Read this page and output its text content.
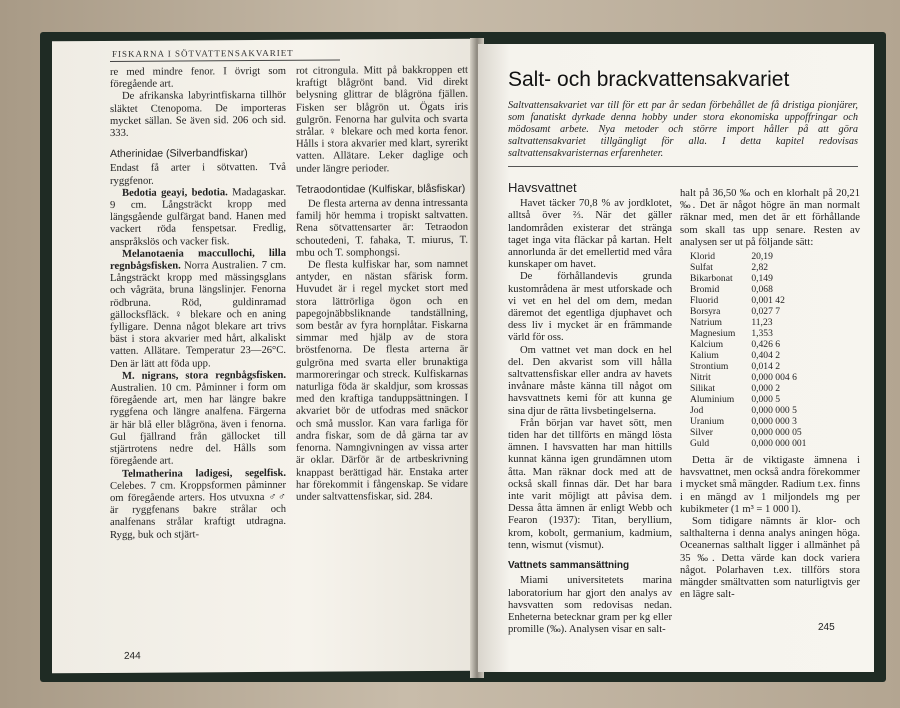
FISKARNA I SÖTVATTENSAKVARIET

re med mindre fenor. I övrigt som föregående art.

De afrikanska labyrintfiskarna tillhör släktet Ctenopoma. De importeras mycket sällan. Se även sid. 206 och sid. 333.

Atherinidae (Silverbandfiskar)

Endast få arter i sötvatten. Två ryggfenor.

Bedotia geayi, bedotia. Madagaskar. 9 cm. Långsträckt kropp med längsgående gulfärgat band. Hanen med vackert röda fenspetsar. Fredlig, anspråkslös och vacker fisk.

Melanotaenia maccullochi, lilla regnbågsfisken. Norra Australien. 7 cm. Långsträckt kropp med mässingsglans och vågräta, bruna längslinjer. Fenorna rödbruna. Röd, guldinramad gällocksfläck. ♀ blekare och en aning fylligare. Denna något blekare art trivs bäst i stora akvarier med hårt, alkaliskt vatten. Allätare. Temperatur 23—26°C. Den är lätt att föda upp.

M. nigrans, stora regnbågsfisken. Australien. 10 cm. Påminner i form om föregående art, men har längre bakre ryggfena och längre analfena. Färgerna är här blå eller blågröna, även i fenorna. Gul fjällrand från gällocket till stjärtrotens nedre del. Hålls som föregående art.

Telmatherina ladigesi, segelfisk. Celebes. 7 cm. Kroppsformen påminner om föregående arters. Hos utvuxna ♂♂ är ryggfenans bakre strålar och analfenans strålar kraftigt utdragna. Rygg, buk och stjärt-

rot citrongula. Mitt på bakkroppen ett kraftigt blågrönt band. Vid direkt belysning glittrar de blågröna fjällen. Fisken ser blågrön ut. Ögats iris gulgrön. Fenorna har gulvita och svarta strålar. ♀ blekare och med korta fenor. Hålls i stora akvarier med klart, syrerikt vatten. Allätare. Leker daglige och under längre perioder.

Tetraodontidae (Kulfiskar, blåsfiskar)

De flesta arterna av denna intressanta familj hör hemma i tropiskt saltvatten. Rena sötvattensarter är: Tetraodon schoutedeni, T. fahaka, T. miurus, T. mbu och T. somphongsi.

De flesta kulfiskar har, som namnet antyder, en nästan sfärisk form. Huvudet är i regel mycket stort med stora lättrörliga ögon och en papegojnäbbsliknande tandställning, som består av fyra hornplåtar. Fiskarna simmar med hjälp av de stora bröstfenorna. De flesta arterna är gulgröna med svarta eller brunaktiga marmoreringar och streck. Kulfiskarnas naturliga föda är skaldjur, som krossas med den kraftiga tanduppsättningen. I akvariet bör de utfodras med snäckor och små musslor. Kan vara farliga för andra fiskar, som de då gärna tar av fenorna. Namngivningen av vissa arter är oklar. Därför är de artbeskrivning knappast berättigad här. Enstaka arter har förekommit i fångenskap. Se vidare under saltvattensfiskar, sid. 284.

244
Salt- och brackvattensakvariet
Saltvattensakvariet var till för ett par år sedan förbehållet de få dristiga pionjärer, som fanatiskt dyrkade denna hobby under stora ekonomiska uppoffringar och mödosamt arbete. Nya metoder och större import håller på att göra saltvattensakvariet tillgängligt för alla. I detta kapitel redovisas saltvattensakvaristernas erfarenheter.
Havsvattnet

Havet täcker 70,8 % av jordklotet, alltså över ⅔. När det gäller landområden existerar det stränga taget inga vita fläckar på kartan. Helt annorlunda är det emellertid med våra kunskaper om havet.

De förhållandevis grunda kustområdena är mest utforskade och vi vet en hel del om dem, medan däremot det egentliga djuphavet och dess liv i mycket är en främmande värld för oss.

Om vattnet vet man dock en hel del. Den akvarist som vill hålla saltvattensfiskar eller andra av havets invånare måste känna till något om havsvattnets kemi för att kunna ge sina djur de rätta livsbetingelserna.

Från början var havet sött, men tiden har det tillförts en mängd lösta ämnen. I havsvatten har man hittills kunnat känna igen grundämnen utom åtta. Man räknar dock med att de också skall finnas där. Det har bara inte varit möjligt att påvisa dem. Dessa åtta ämnen är enligt Webb och Fearon (1937): Titan, beryllium, krom, kobolt, germanium, kadmium, tenn, wismut (vismut).

Vattnets sammansättning

Miami universitetets marina laboratorium har gjort den analys av havsvatten som redovisas nedan. Enheterna betecknar gram per kg eller promille (‰). Analysen visar en salt-

halt på 36,50 ‰ och en klorhalt på 20,21 ‰. Det är något högre än man normalt räknar med, men det är ett förhållande som skall tas upp senare. Resten av analysen ser ut på följande sätt:

Klorid	20,19
Sulfat	2,82
Bikarbonat	0,149
Bromid	0,068
Fluorid	0,001 42
Borsyra	0,027 7
Natrium	11,23
Magnesium	1,353
Kalcium	0,426 6
Kalium	0,404 2
Strontium	0,014 2
Nitrit	0,000 004 6
Silikat	0,000 2
Aluminium	0,000 5
Jod	0,000 000 5
Uranium	0,000 000 3
Silver	0,000 000 05
Guld	0,000 000 001

Detta är de viktigaste ämnena i havsvattnet, men också andra förekommer i mycket små mängder. Radium t.ex. finns i en mängd av 1 miljondels mg per kubikmeter (1 m³ = 1 000 l).

Som tidigare nämnts är klor- och salthalterna i denna analys aningen höga. Oceanernas salthalt ligger i allmänhet på 35 ‰. Detta värde kan dock variera något. Polarhaven t.ex. tillförs stora mängder smältvatten som naturligtvis ger en lägre salt-

245
